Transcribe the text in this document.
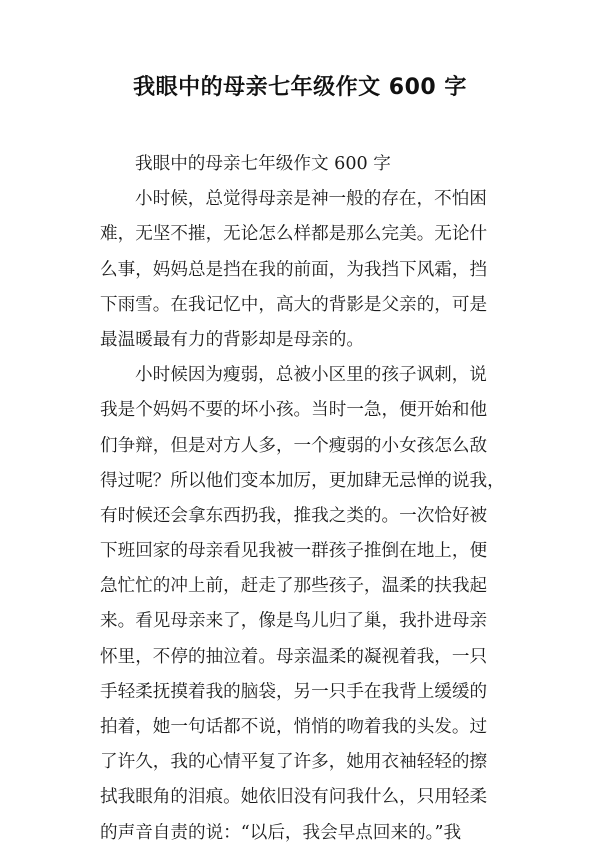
我眼中的母亲七年级作文 600 字
我眼中的母亲七年级作文 600 字
小时候，总觉得母亲是神一般的存在，不怕困
难，无坚不摧，无论怎么样都是那么完美。无论什
么事，妈妈总是挡在我的前面，为我挡下风霜，挡
下雨雪。在我记忆中，高大的背影是父亲的，可是
最温暖最有力的背影却是母亲的。
小时候因为瘦弱，总被小区里的孩子讽刺，说
我是个妈妈不要的坏小孩。当时一急，便开始和他
们争辩，但是对方人多，一个瘦弱的小女孩怎么敌
得过呢？所以他们变本加厉，更加肆无忌惮的说我，
有时候还会拿东西扔我，推我之类的。一次恰好被
下班回家的母亲看见我被一群孩子推倒在地上，便
急忙忙的冲上前，赶走了那些孩子，温柔的扶我起
来。看见母亲来了，像是鸟儿归了巢，我扑进母亲
怀里，不停的抽泣着。母亲温柔的凝视着我，一只
手轻柔抚摸着我的脑袋，另一只手在我背上缓缓的
拍着，她一句话都不说，悄悄的吻着我的头发。过
了许久，我的心情平复了许多，她用衣袖轻轻的擦
拭我眼角的泪痕。她依旧没有问我什么，只用轻柔
的声音自责的说：“以后，我会早点回来的。”我
